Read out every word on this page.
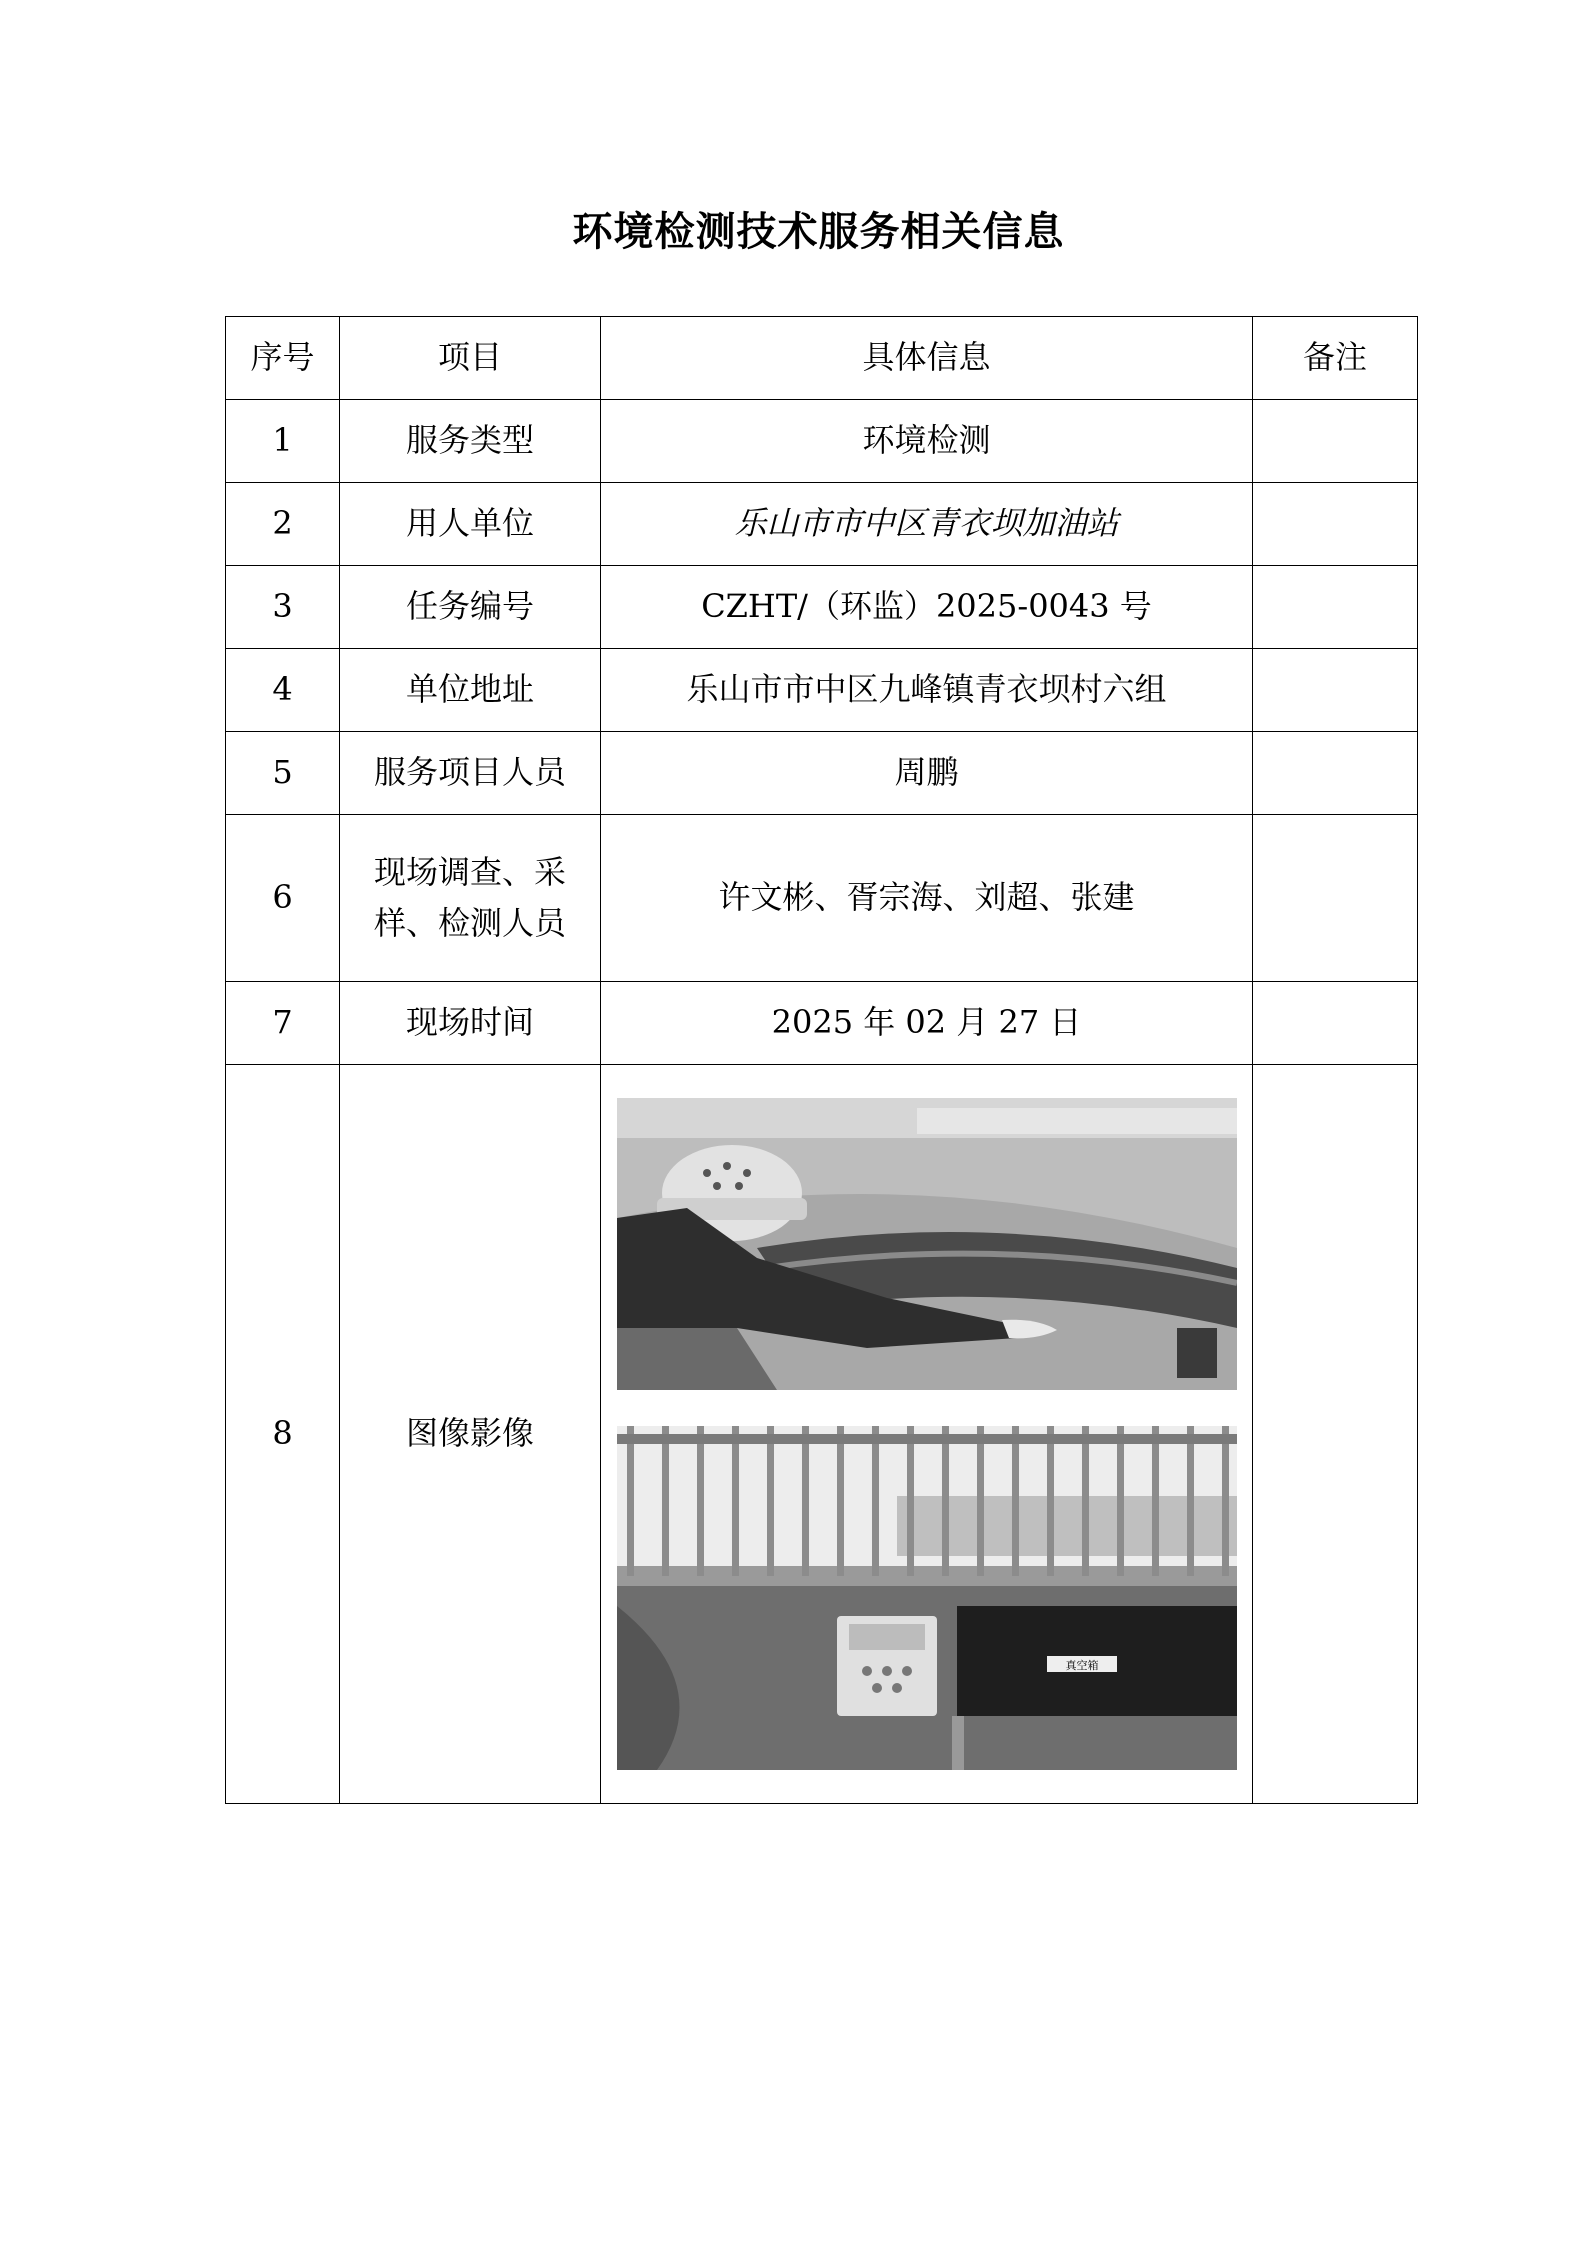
环境检测技术服务相关信息
序号	项目	具体信息	备注
1	服务类型	环境检测	
2	用人单位	乐山市市中区青衣坝加油站	
3	任务编号	CZHT/（环监）2025-0043 号	
4	单位地址	乐山市市中区九峰镇青衣坝村六组	
5	服务项目人员	周鹏	
6	现场调查、采样、检测人员	许文彬、胥宗海、刘超、张建	
7	现场时间	2025 年 02 月 27 日	
8	图像影像	真空箱	
